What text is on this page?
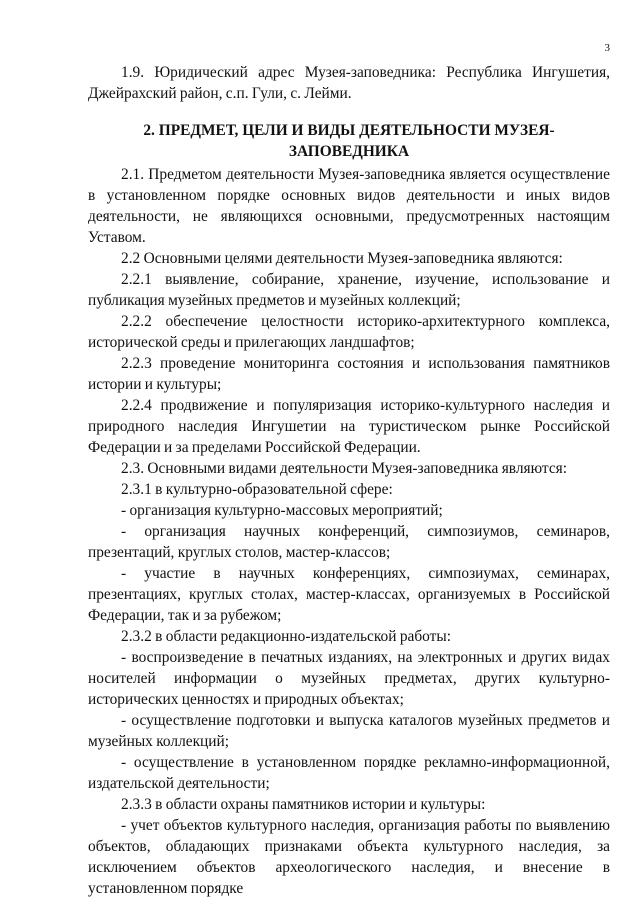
3

1.9. Юридический адрес Музея-заповедника: Республика Ингушетия, Джейрахский район, с.п. Гули, с. Лейми.

2. ПРЕДМЕТ, ЦЕЛИ И ВИДЫ ДЕЯТЕЛЬНОСТИ МУЗЕЯ-ЗАПОВЕДНИКА

2.1. Предметом деятельности Музея-заповедника является осуществление в установленном порядке основных видов деятельности и иных видов деятельности, не являющихся основными, предусмотренных настоящим Уставом.

2.2 Основными целями деятельности Музея-заповедника являются:

2.2.1 выявление, собирание, хранение, изучение, использование и публикация музейных предметов и музейных коллекций;

2.2.2 обеспечение целостности историко-архитектурного комплекса, исторической среды и прилегающих ландшафтов;

2.2.3 проведение мониторинга состояния и использования памятников истории и культуры;

2.2.4 продвижение и популяризация историко-культурного наследия и природного наследия Ингушетии на туристическом рынке Российской Федерации и за пределами Российской Федерации.

2.3. Основными видами деятельности Музея-заповедника являются:

2.3.1 в культурно-образовательной сфере:

- организация культурно-массовых мероприятий;

- организация научных конференций, симпозиумов, семинаров, презентаций, круглых столов, мастер-классов;

- участие в научных конференциях, симпозиумах, семинарах, презентациях, круглых столах, мастер-классах, организуемых в Российской Федерации, так и за рубежом;

2.3.2 в области редакционно-издательской работы:

- воспроизведение в печатных изданиях, на электронных и других видах носителей информации о музейных предметах, других культурно-исторических ценностях и природных объектах;

- осуществление подготовки и выпуска каталогов музейных предметов и музейных коллекций;

- осуществление в установленном порядке рекламно-информационной, издательской деятельности;

2.3.3 в области охраны памятников истории и культуры:

- учет объектов культурного наследия, организация работы по выявлению объектов, обладающих признаками объекта культурного наследия, за исключением объектов археологического наследия, и внесение в установленном порядке
